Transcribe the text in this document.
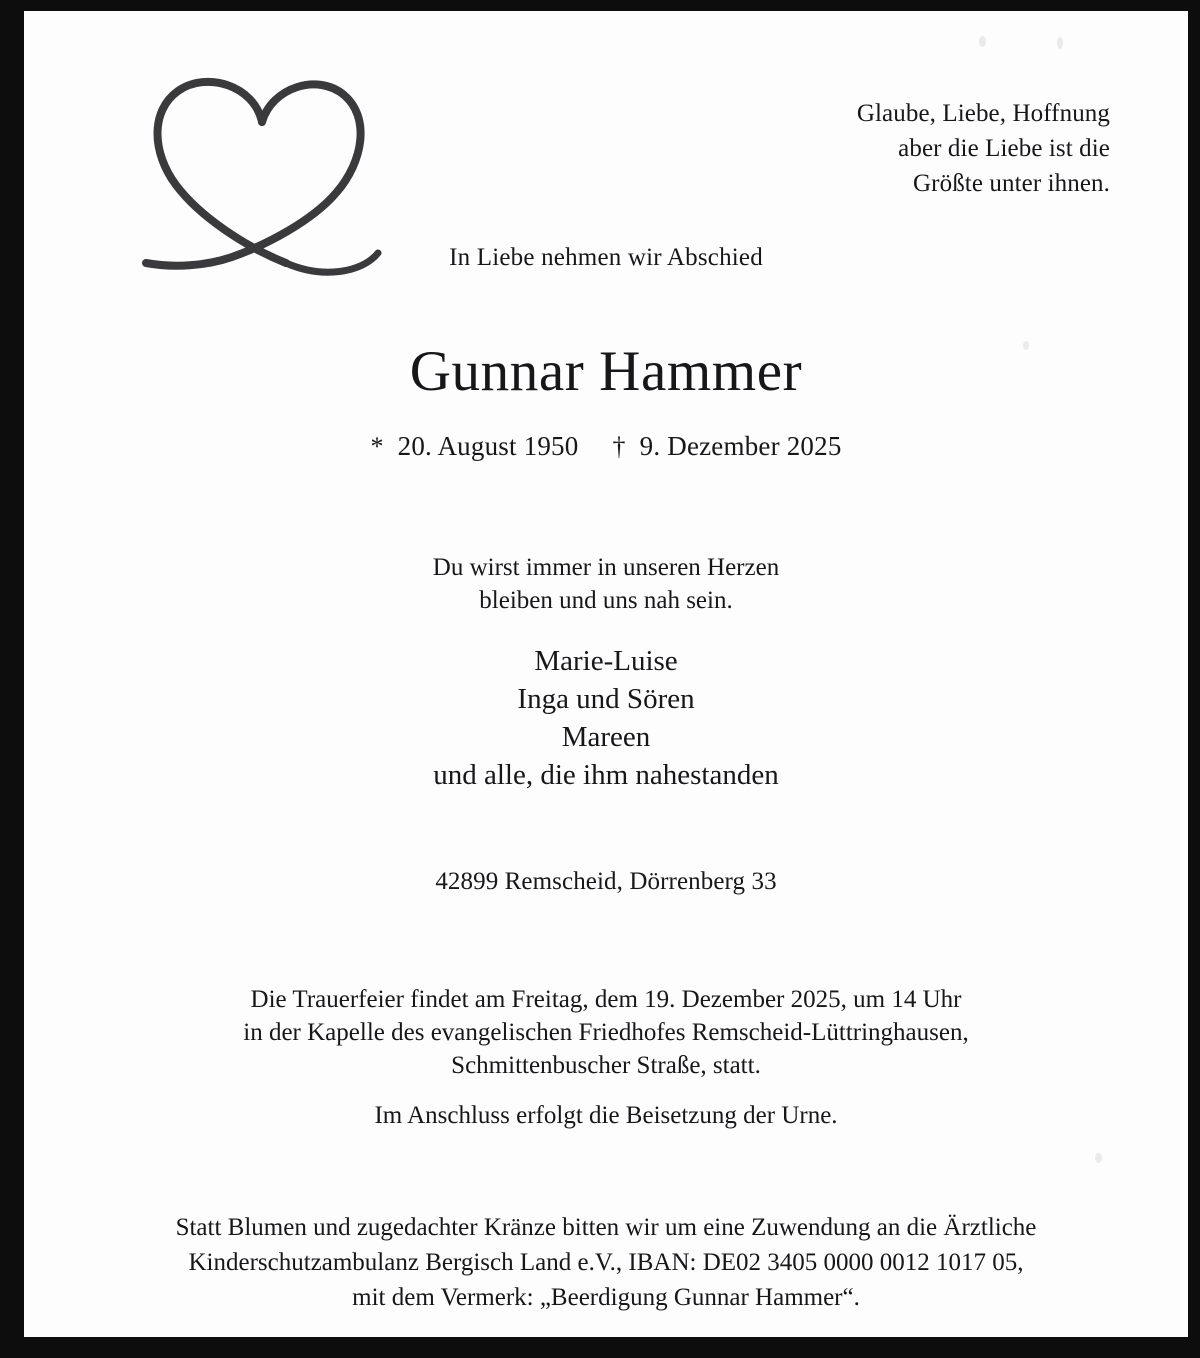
Glaube, Liebe, Hoffnung
aber die Liebe ist die
Größte unter ihnen.
In Liebe nehmen wir Abschied
Gunnar Hammer
* 20. August 1950 † 9. Dezember 2025
Du wirst immer in unseren Herzen
bleiben und uns nah sein.
Marie-Luise
Inga und Sören
Mareen
und alle, die ihm nahestanden
42899 Remscheid, Dörrenberg 33
Die Trauerfeier findet am Freitag, dem 19. Dezember 2025, um 14 Uhr
in der Kapelle des evangelischen Friedhofes Remscheid-Lüttringhausen,
Schmittenbuscher Straße, statt.
Im Anschluss erfolgt die Beisetzung der Urne.
Statt Blumen und zugedachter Kränze bitten wir um eine Zuwendung an die Ärztliche
Kinderschutzambulanz Bergisch Land e.V., IBAN: DE02 3405 0000 0012 1017 05,
mit dem Vermerk: „Beerdigung Gunnar Hammer“.
